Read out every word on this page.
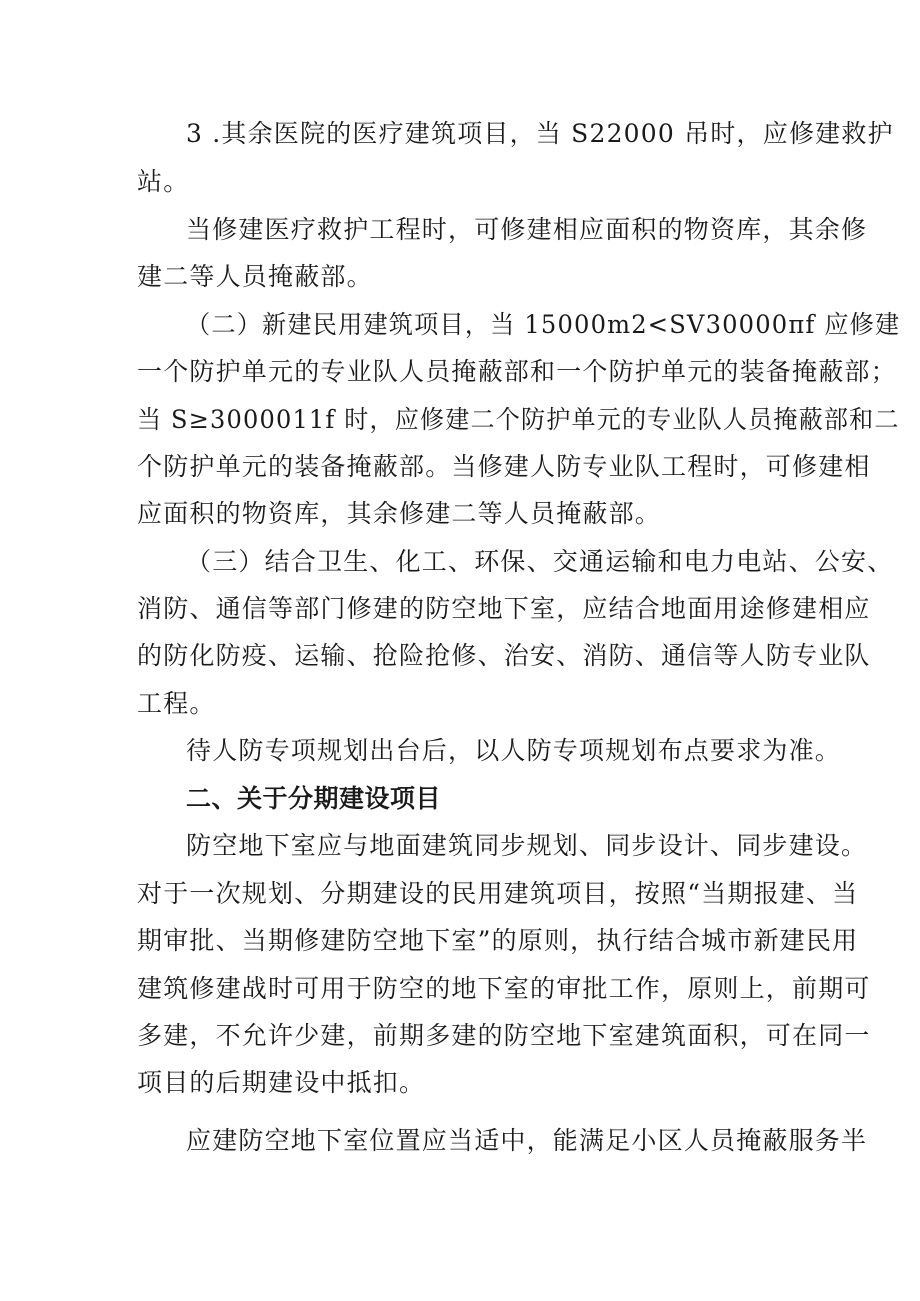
3 .其余医院的医疗建筑项目，当 S22000 吊时，应修建救护

站。

当修建医疗救护工程时，可修建相应面积的物资库，其余修

建二等人员掩蔽部。

（二）新建民用建筑项目，当 15000m2<SV30000πf 应修建

一个防护单元的专业队人员掩蔽部和一个防护单元的装备掩蔽部；

当 S≥3000011f 时，应修建二个防护单元的专业队人员掩蔽部和二

个防护单元的装备掩蔽部。当修建人防专业队工程时，可修建相

应面积的物资库，其余修建二等人员掩蔽部。

（三）结合卫生、化工、环保、交通运输和电力电站、公安、

消防、通信等部门修建的防空地下室，应结合地面用途修建相应

的防化防疫、运输、抢险抢修、治安、消防、通信等人防专业队

工程。

待人防专项规划出台后，以人防专项规划布点要求为准。

二、关于分期建设项目

防空地下室应与地面建筑同步规划、同步设计、同步建设。

对于一次规划、分期建设的民用建筑项目，按照“当期报建、当

期审批、当期修建防空地下室”的原则，执行结合城市新建民用

建筑修建战时可用于防空的地下室的审批工作，原则上，前期可

多建，不允许少建，前期多建的防空地下室建筑面积，可在同一

项目的后期建设中抵扣。

应建防空地下室位置应当适中，能满足小区人员掩蔽服务半
